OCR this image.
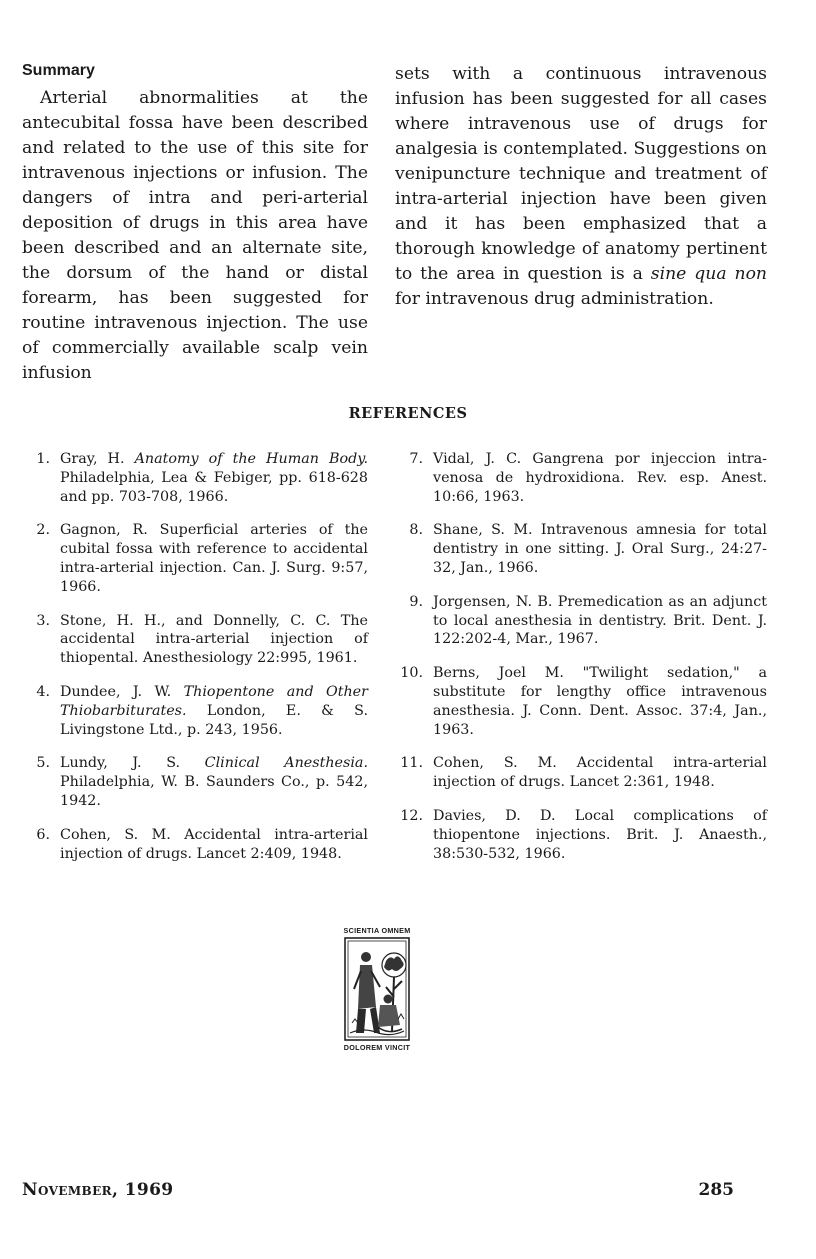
Summary

Arterial abnormalities at the antecubital fossa have been described and related to the use of this site for intravenous injections or infusion. The dangers of intra and peri-arterial deposition of drugs in this area have been described and an alternate site, the dorsum of the hand or distal forearm, has been suggested for routine intravenous injection. The use of commercially available scalp vein infusion

sets with a continuous intravenous infusion has been suggested for all cases where intravenous use of drugs for analgesia is contemplated. Suggestions on venipuncture technique and treatment of intra-arterial injection have been given and it has been emphasized that a thorough knowledge of anatomy pertinent to the area in question is a sine qua non for intravenous drug administration.

REFERENCES
1. Gray, H. Anatomy of the Human Body. Philadelphia, Lea & Febiger, pp. 618-628 and pp. 703-708, 1966.
2. Gagnon, R. Superficial arteries of the cubital fossa with reference to accidental intra-arterial injection. Can. J. Surg. 9:57, 1966.
3. Stone, H. H., and Donnelly, C. C. The accidental intra-arterial injection of thiopental. Anesthesiology 22:995, 1961.
4. Dundee, J. W. Thiopentone and Other Thiobarbiturates. London, E. & S. Livingstone Ltd., p. 243, 1956.
5. Lundy, J. S. Clinical Anesthesia. Philadelphia, W. B. Saunders Co., p. 542, 1942.
6. Cohen, S. M. Accidental intra-arterial injection of drugs. Lancet 2:409, 1948.
7. Vidal, J. C. Gangrena por injeccion intra-venosa de hydroxidiona. Rev. esp. Anest. 10:66, 1963.
8. Shane, S. M. Intravenous amnesia for total dentistry in one sitting. J. Oral Surg., 24:27-32, Jan., 1966.
9. Jorgensen, N. B. Premedication as an adjunct to local anesthesia in dentistry. Brit. Dent. J. 122:202-4, Mar., 1967.
10. Berns, Joel M. "Twilight sedation," a substitute for lengthy office intravenous anesthesia. J. Conn. Dent. Assoc. 37:4, Jan., 1963.
11. Cohen, S. M. Accidental intra-arterial injection of drugs. Lancet 2:361, 1948.
12. Davies, D. D. Local complications of thiopentone injections. Brit. J. Anaesth., 38:530-532, 1966.
SCIENTIA OMNEM
DOLOREM VINCIT
November, 1969	285
